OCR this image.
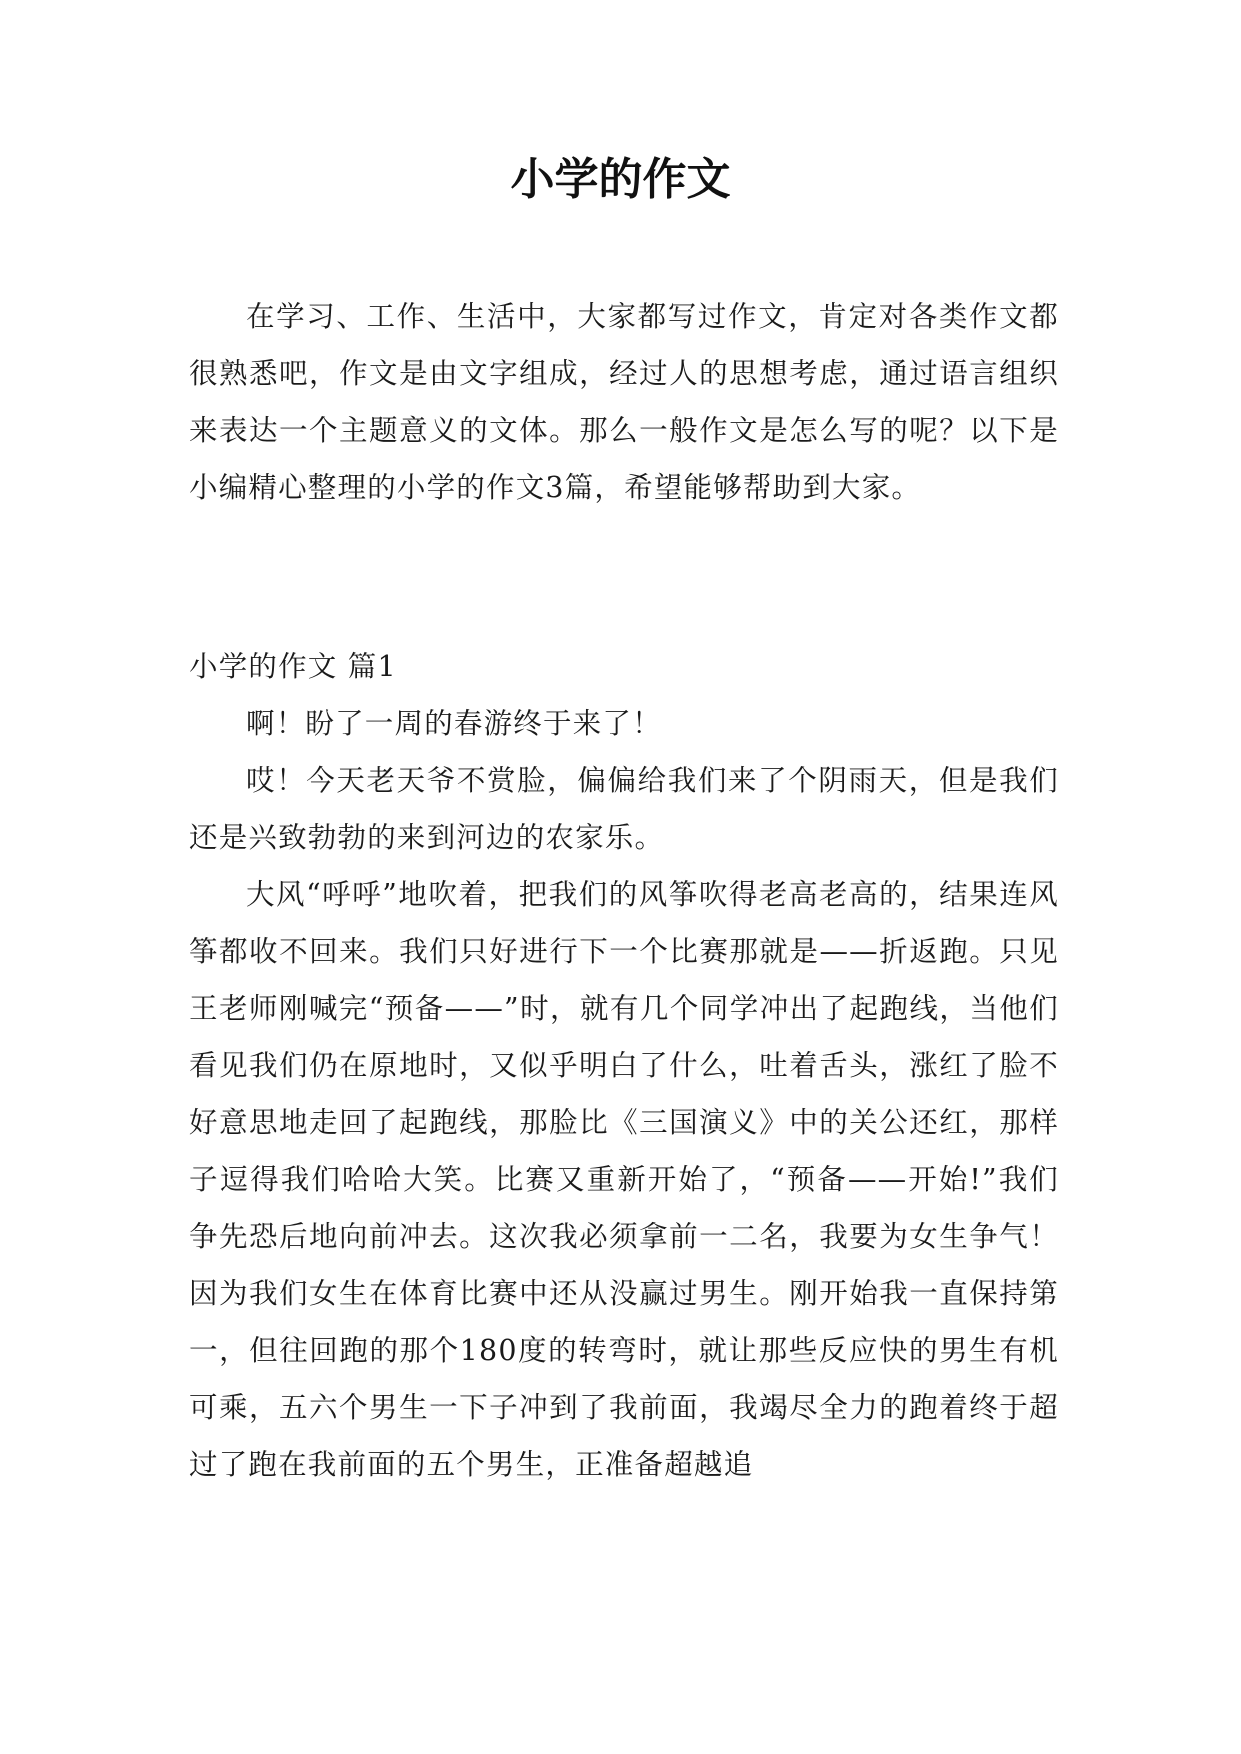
小学的作文

在学习、工作、生活中，大家都写过作文，肯定对各类作文都很熟悉吧，作文是由文字组成，经过人的思想考虑，通过语言组织来表达一个主题意义的文体。那么一般作文是怎么写的呢？以下是小编精心整理的小学的作文3篇，希望能够帮助到大家。

小学的作文 篇1

啊！盼了一周的春游终于来了！

哎！今天老天爷不赏脸，偏偏给我们来了个阴雨天，但是我们还是兴致勃勃的来到河边的农家乐。

大风“呼呼”地吹着，把我们的风筝吹得老高老高的，结果连风筝都收不回来。我们只好进行下一个比赛那就是——折返跑。只见王老师刚喊完“预备——”时，就有几个同学冲出了起跑线，当他们看见我们仍在原地时，又似乎明白了什么，吐着舌头，涨红了脸不好意思地走回了起跑线，那脸比《三国演义》中的关公还红，那样子逗得我们哈哈大笑。比赛又重新开始了，“预备——开始!”我们争先恐后地向前冲去。这次我必须拿前一二名，我要为女生争气！因为我们女生在体育比赛中还从没赢过男生。刚开始我一直保持第一，但往回跑的那个180度的转弯时，就让那些反应快的男生有机可乘，五六个男生一下子冲到了我前面，我竭尽全力的跑着终于超过了跑在我前面的五个男生，正准备超越追
